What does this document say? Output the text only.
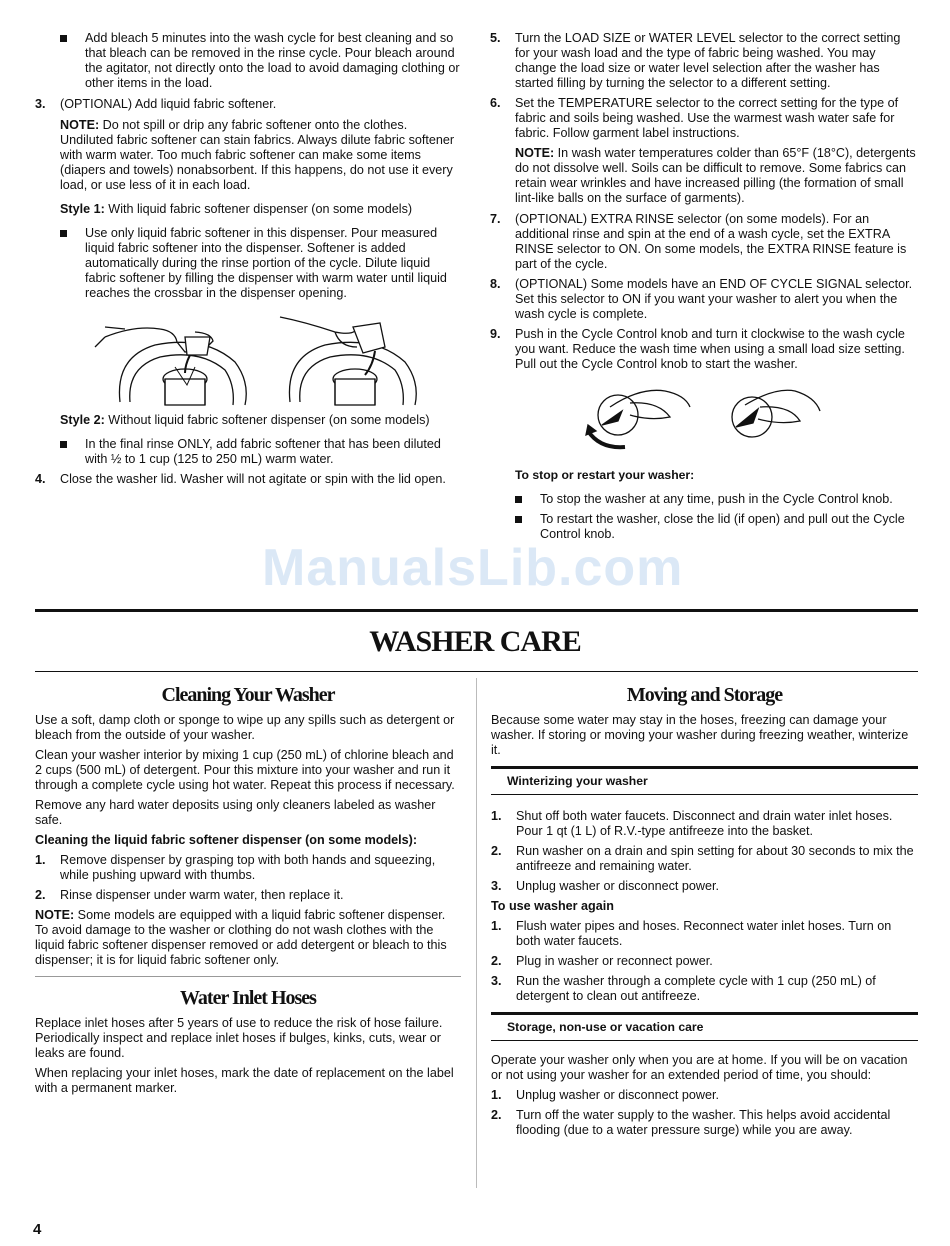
Add bleach 5 minutes into the wash cycle for best cleaning and so that bleach can be removed in the rinse cycle. Pour bleach around the agitator, not directly onto the load to avoid damaging clothing or other items in the load.
3. (OPTIONAL) Add liquid fabric softener.

NOTE: Do not spill or drip any fabric softener onto the clothes. Undiluted fabric softener can stain fabrics. Always dilute fabric softener with warm water. Too much fabric softener can make some items (diapers and towels) nonabsorbent. If this happens, do not use it every load, or use less of it in each load.

Style 1: With liquid fabric softener dispenser (on some models)

Use only liquid fabric softener in this dispenser. Pour measured liquid fabric softener into the dispenser. Softener is added automatically during the rinse portion of the cycle. Dilute liquid fabric softener by filling the dispenser with warm water until liquid reaches the crossbar in the dispenser opening.

Style 2: Without liquid fabric softener dispenser (on some models)

In the final rinse ONLY, add fabric softener that has been diluted with ½ to 1 cup (125 to 250 mL) warm water.
4. Close the washer lid. Washer will not agitate or spin with the lid open.
5. Turn the LOAD SIZE or WATER LEVEL selector to the correct setting for your wash load and the type of fabric being washed. You may change the load size or water level selection after the washer has started filling by turning the selector to a different setting.
6. Set the TEMPERATURE selector to the correct setting for the type of fabric and soils being washed. Use the warmest wash water safe for fabric. Follow garment label instructions.

NOTE: In wash water temperatures colder than 65°F (18°C), detergents do not dissolve well. Soils can be difficult to remove. Some fabrics can retain wear wrinkles and have increased pilling (the formation of small lint-like balls on the surface of garments).

7. (OPTIONAL) EXTRA RINSE selector (on some models). For an additional rinse and spin at the end of a wash cycle, set the EXTRA RINSE selector to ON. On some models, the EXTRA RINSE feature is part of the cycle.
8. (OPTIONAL) Some models have an END OF CYCLE SIGNAL selector. Set this selector to ON if you want your washer to alert you when the wash cycle is complete.
9. Push in the Cycle Control knob and turn it clockwise to the wash cycle you want. Reduce the wash time when using a small load size setting. Pull out the Cycle Control knob to start the washer.
To stop or restart your washer:
To stop the washer at any time, push in the Cycle Control knob.
To restart the washer, close the lid (if open) and pull out the Cycle Control knob.
ManualsLib.com
WASHER CARE
Cleaning Your Washer

Use a soft, damp cloth or sponge to wipe up any spills such as detergent or bleach from the outside of your washer.

Clean your washer interior by mixing 1 cup (250 mL) of chlorine bleach and 2 cups (500 mL) of detergent. Pour this mixture into your washer and run it through a complete cycle using hot water. Repeat this process if necessary.

Remove any hard water deposits using only cleaners labeled as washer safe.

Cleaning the liquid fabric softener dispenser (on some models):

1. Remove dispenser by grasping top with both hands and squeezing, while pushing upward with thumbs.
2. Rinse dispenser under warm water, then replace it.

NOTE: Some models are equipped with a liquid fabric softener dispenser. To avoid damage to the washer or clothing do not wash clothes with the liquid fabric softener dispenser removed or add detergent or bleach to this dispenser; it is for liquid fabric softener only.

Water Inlet Hoses

Replace inlet hoses after 5 years of use to reduce the risk of hose failure. Periodically inspect and replace inlet hoses if bulges, kinks, cuts, wear or leaks are found.

When replacing your inlet hoses, mark the date of replacement on the label with a permanent marker.

Moving and Storage

Because some water may stay in the hoses, freezing can damage your washer. If storing or moving your washer during freezing weather, winterize it.

Winterizing your washer
1. Shut off both water faucets. Disconnect and drain water inlet hoses. Pour 1 qt (1 L) of R.V.-type antifreeze into the basket.
2. Run washer on a drain and spin setting for about 30 seconds to mix the antifreeze and remaining water.
3. Unplug washer or disconnect power.

To use washer again

1. Flush water pipes and hoses. Reconnect water inlet hoses. Turn on both water faucets.
2. Plug in washer or reconnect power.
3. Run the washer through a complete cycle with 1 cup (250 mL) of detergent to clean out antifreeze.
Storage, non-use or vacation care

Operate your washer only when you are at home. If you will be on vacation or not using your washer for an extended period of time, you should:

1. Unplug washer or disconnect power.
2. Turn off the water supply to the washer. This helps avoid accidental flooding (due to a water pressure surge) while you are away.
4
